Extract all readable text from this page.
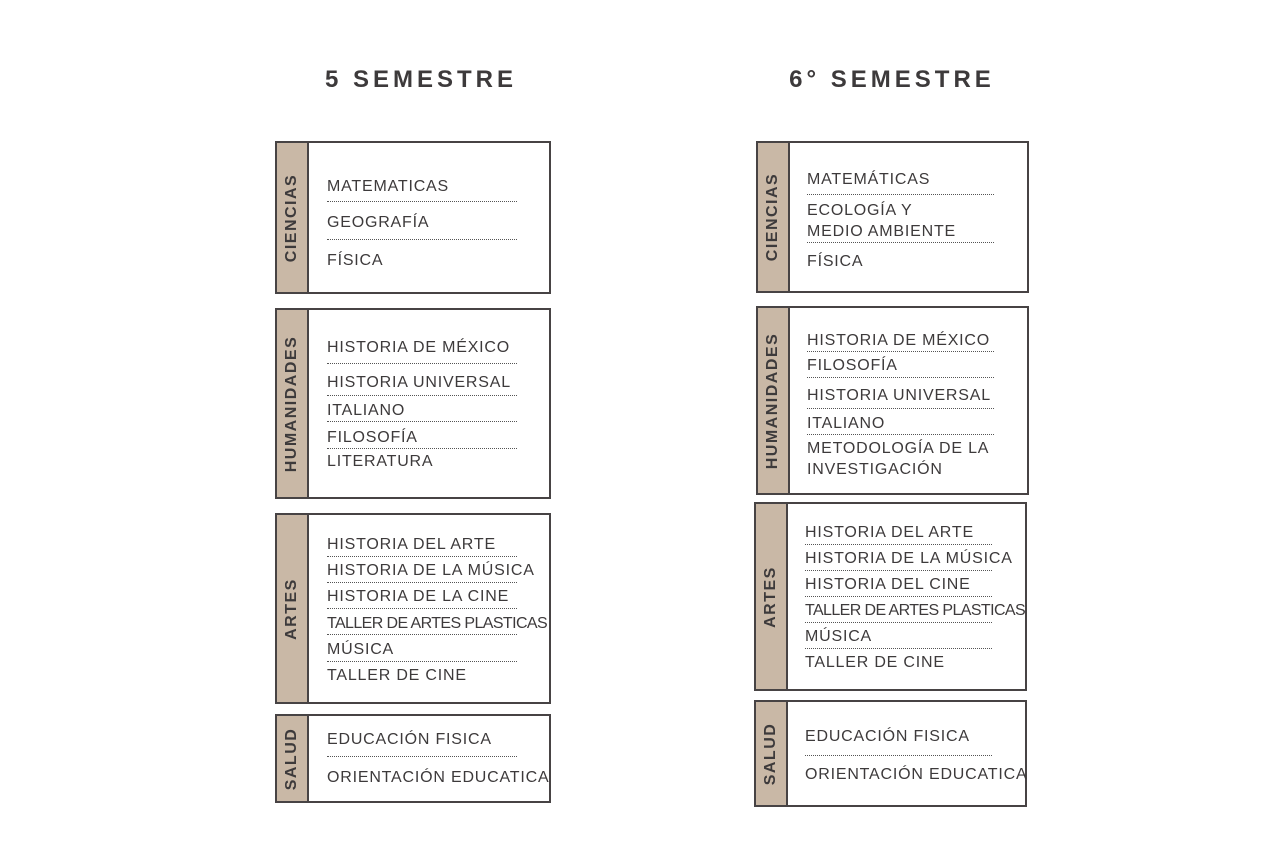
5 SEMESTRE	6° SEMESTRE
CIENCIAS MATEMATICAS
GEOGRAFÍA
FÍSICA
HUMANIDADES HISTORIA DE MÉXICO
HISTORIA UNIVERSAL
ITALIANO
FILOSOFÍA
LITERATURA
ARTES
HISTORIA DEL ARTE
HISTORIA DE LA MÚSICA
HISTORIA DE LA CINE
TALLER DE ARTES PLASTICAS
MÚSICA
TALLER DE CINE
SALUD EDUCACIÓN FISICA
ORIENTACIÓN EDUCATICA
CIENCIAS MATEMÁTICAS
ECOLOGÍA Y
MEDIO AMBIENTE
FÍSICA
HUMANIDADES HISTORIA DE MÉXICO
FILOSOFÍA
HISTORIA UNIVERSAL
ITALIANO
METODOLOGÍA DE LA
INVESTIGACIÓN
ARTES
HISTORIA DEL ARTE
HISTORIA DE LA MÚSICA
HISTORIA DEL CINE
TALLER DE ARTES PLASTICAS
MÚSICA
TALLER DE CINE
SALUD EDUCACIÓN FISICA
ORIENTACIÓN EDUCATICA
